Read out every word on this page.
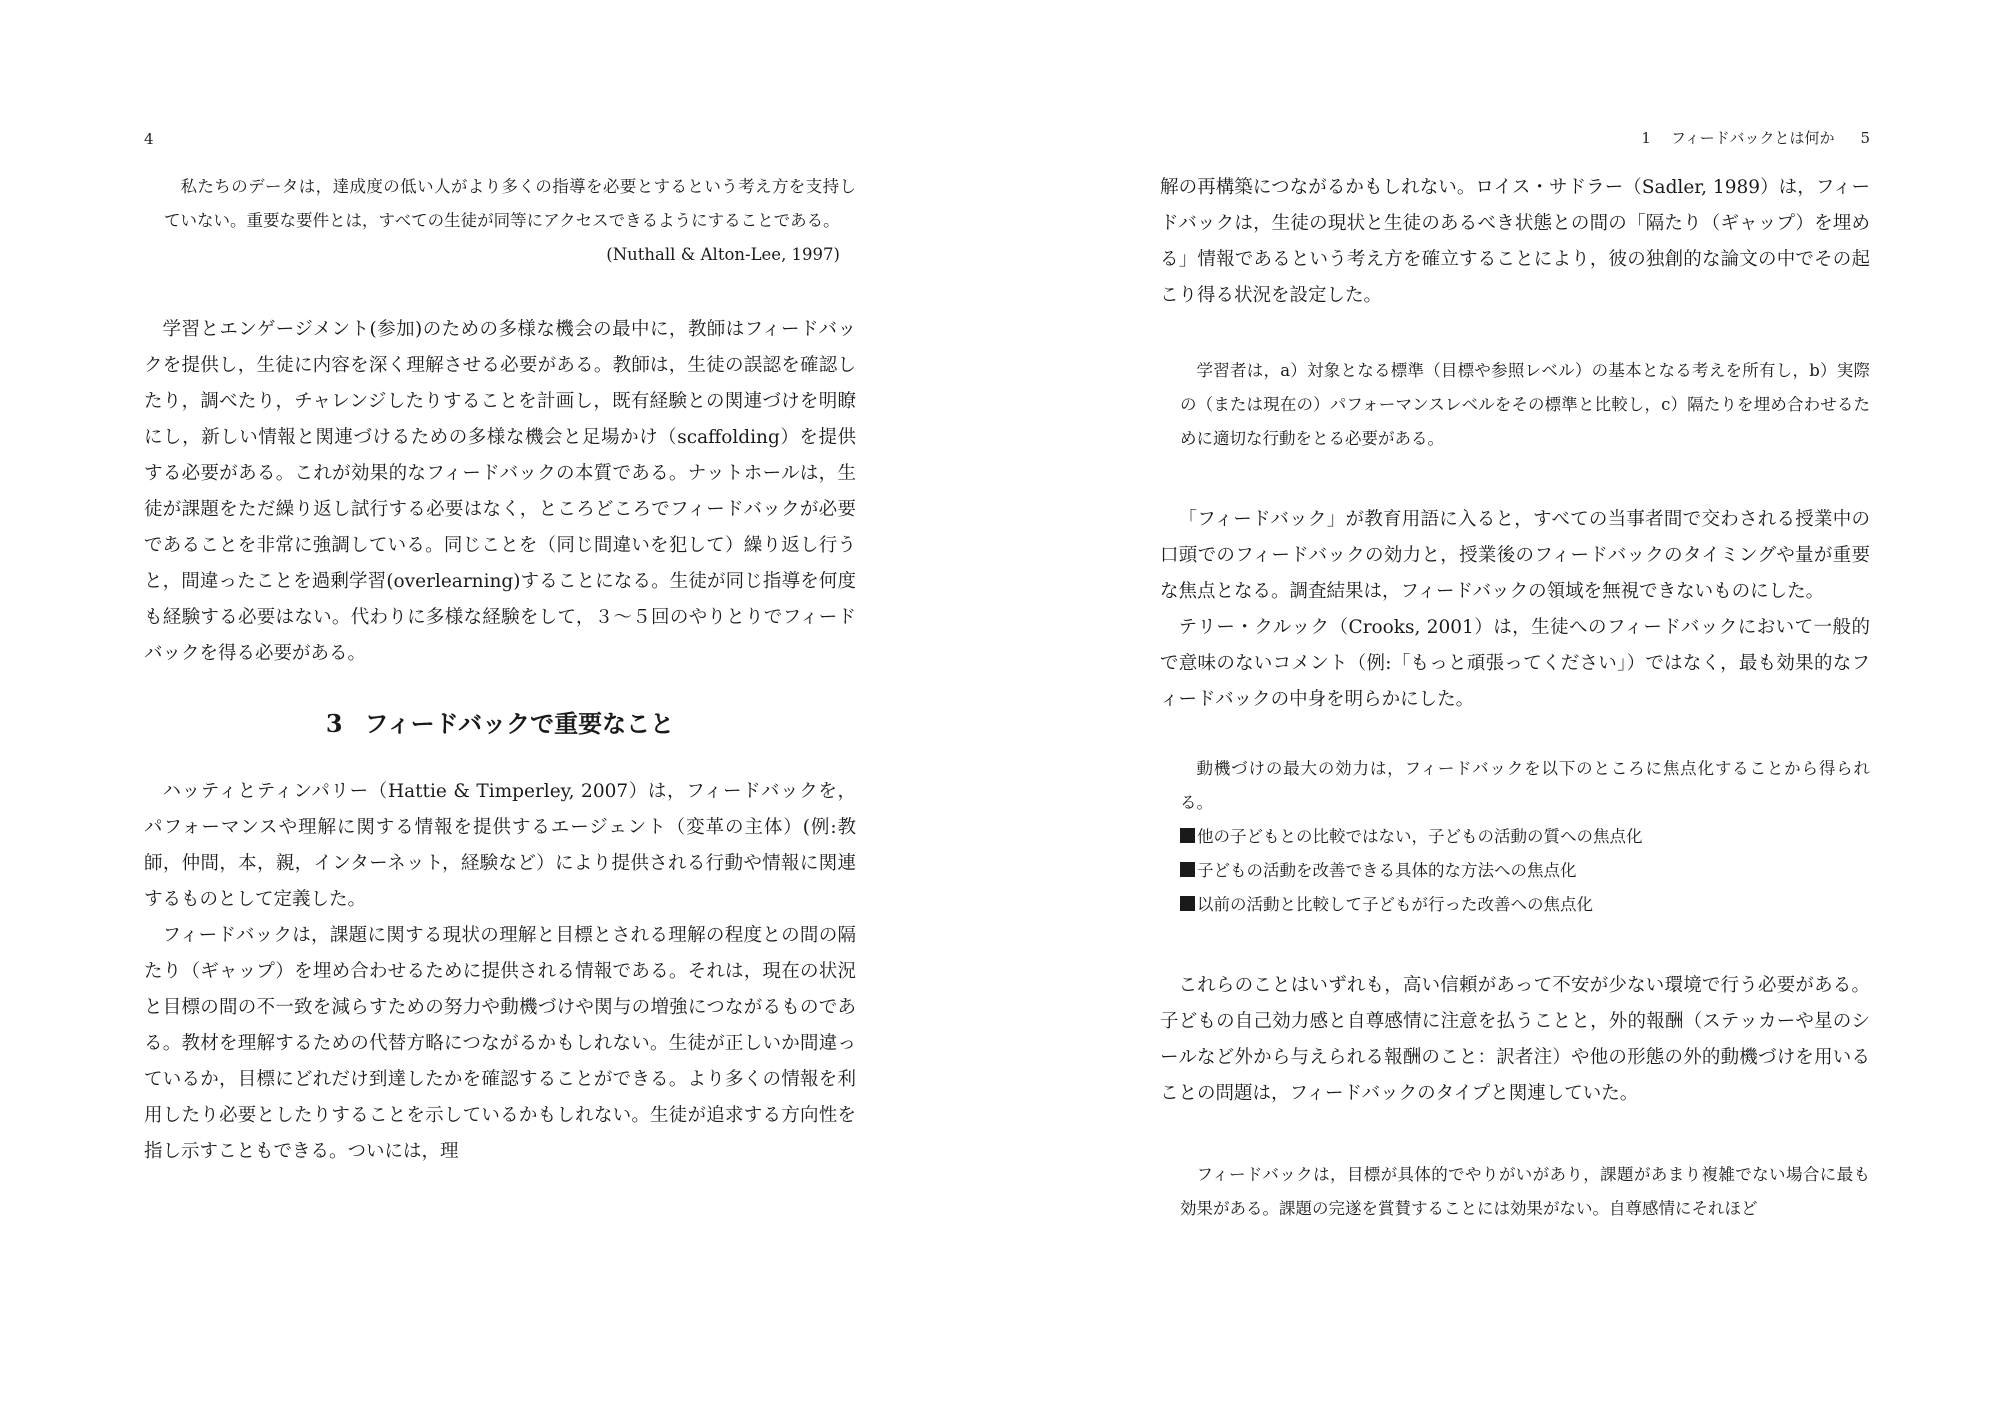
4

私たちのデータは，達成度の低い人がより多くの指導を必要とするという考え方を支持していない。重要な要件とは，すべての生徒が同等にアクセスできるようにすることである。

(Nuthall & Alton-Lee, 1997)

学習とエンゲージメント(参加)のための多様な機会の最中に，教師はフィードバックを提供し，生徒に内容を深く理解させる必要がある。教師は，生徒の誤認を確認したり，調べたり，チャレンジしたりすることを計画し，既有経験との関連づけを明瞭にし，新しい情報と関連づけるための多様な機会と足場かけ（scaffolding）を提供する必要がある。これが効果的なフィードバックの本質である。ナットホールは，生徒が課題をただ繰り返し試行する必要はなく，ところどころでフィードバックが必要であることを非常に強調している。同じことを（同じ間違いを犯して）繰り返し行うと，間違ったことを過剰学習(overlearning)することになる。生徒が同じ指導を何度も経験する必要はない。代わりに多様な経験をして，３～５回のやりとりでフィードバックを得る必要がある。

3 フィードバックで重要なこと

ハッティとティンパリー（Hattie & Timperley, 2007）は，フィードバックを，パフォーマンスや理解に関する情報を提供するエージェント（変革の主体）(例:教師，仲間，本，親，インターネット，経験など）により提供される行動や情報に関連するものとして定義した。

フィードバックは，課題に関する現状の理解と目標とされる理解の程度との間の隔たり（ギャップ）を埋め合わせるために提供される情報である。それは，現在の状況と目標の間の不一致を減らすための努力や動機づけや関与の増強につながるものである。教材を理解するための代替方略につながるかもしれない。生徒が正しいか間違っているか，目標にどれだけ到達したかを確認することができる。より多くの情報を利用したり必要としたりすることを示しているかもしれない。生徒が追求する方向性を指し示すこともできる。ついには，理

1 フィードバックとは何か 5

解の再構築につながるかもしれない。ロイス・サドラー（Sadler, 1989）は，フィードバックは，生徒の現状と生徒のあるべき状態との間の「隔たり（ギャップ）を埋める」情報であるという考え方を確立することにより，彼の独創的な論文の中でその起こり得る状況を設定した。

学習者は，a）対象となる標準（目標や参照レベル）の基本となる考えを所有し，b）実際の（または現在の）パフォーマンスレベルをその標準と比較し，c）隔たりを埋め合わせるために適切な行動をとる必要がある。

「フィードバック」が教育用語に入ると，すべての当事者間で交わされる授業中の口頭でのフィードバックの効力と，授業後のフィードバックのタイミングや量が重要な焦点となる。調査結果は，フィードバックの領域を無視できないものにした。

テリー・クルック（Crooks, 2001）は，生徒へのフィードバックにおいて一般的で意味のないコメント（例:「もっと頑張ってください」）ではなく，最も効果的なフィードバックの中身を明らかにした。

動機づけの最大の効力は，フィードバックを以下のところに焦点化することから得られる。

他の子どもとの比較ではない，子どもの活動の質への焦点化
子どもの活動を改善できる具体的な方法への焦点化
以前の活動と比較して子どもが行った改善への焦点化

これらのことはいずれも，高い信頼があって不安が少ない環境で行う必要がある。子どもの自己効力感と自尊感情に注意を払うことと，外的報酬（ステッカーや星のシールなど外から与えられる報酬のこと：訳者注）や他の形態の外的動機づけを用いることの問題は，フィードバックのタイプと関連していた。

フィードバックは，目標が具体的でやりがいがあり，課題があまり複雑でない場合に最も効果がある。課題の完遂を賞賛することには効果がない。自尊感情にそれほど
